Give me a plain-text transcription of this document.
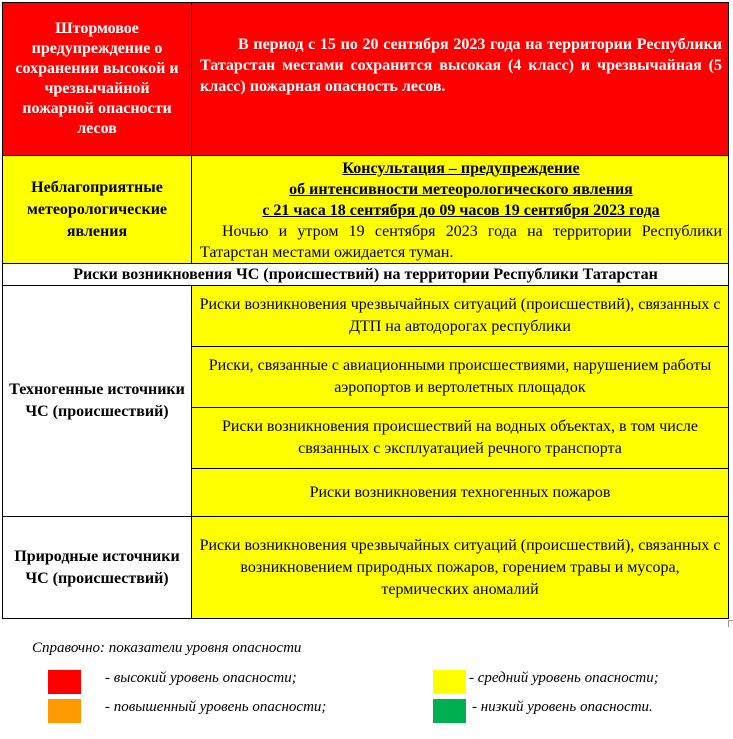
Штормовое предупреждение о сохранении высокой и чрезвычайной пожарной опасности лесов
В период с 15 по 20 сентября 2023 года на территории Республики Татарстан местами сохранится высокая (4 класс) и чрезвычайная (5 класс) пожарная опасность лесов.
Неблагоприятные метеорологические явления
Консультация – предупреждение
об интенсивности метеорологического явления
с 21 часа 18 сентября до 09 часов 19 сентября 2023 года
Ночью и утром 19 сентября 2023 года на территории Республики Татарстан местами ожидается туман.
Риски возникновения ЧС (происшествий) на территории Республики Татарстан
Техногенные источники ЧС (происшествий)
Риски возникновения чрезвычайных ситуаций (происшествий), связанных с ДТП на автодорогах республики
Риски, связанные с авиационными происшествиями, нарушением работы аэропортов и вертолетных площадок
Риски возникновения происшествий на водных объектах, в том числе связанных с эксплуатацией речного транспорта
Риски возникновения техногенных пожаров
Природные источники ЧС (происшествий)
Риски возникновения чрезвычайных ситуаций (происшествий), связанных с возникновением природных пожаров, горением травы и мусора, термических аномалий
Справочно: показатели уровня опасности
- высокий уровень опасности;
- повышенный уровень опасности;
- средний уровень опасности;
- низкий уровень опасности.
